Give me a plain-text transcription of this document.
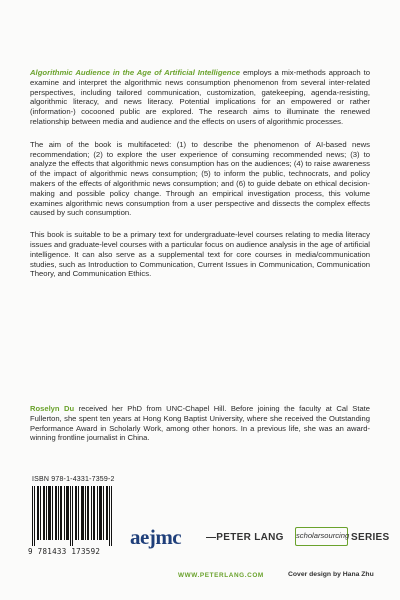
Algorithmic Audience in the Age of Artificial Intelligence employs a mix-methods approach to examine and interpret the algorithmic news consumption phenomenon from several inter-related perspectives, including tailored communication, customization, gatekeeping, agenda-resisting, algorithmic literacy, and news literacy. Potential implications for an empowered or rather (information-) cocooned public are explored. The research aims to illuminate the renewed relationship between media and audience and the effects on users of algorithmic processes.

The aim of the book is multifaceted: (1) to describe the phenomenon of AI-based news recommendation; (2) to explore the user experience of consuming recommended news; (3) to analyze the effects that algorithmic news consumption has on the audiences; (4) to raise awareness of the impact of algorithmic news consumption; (5) to inform the public, technocrats, and policy makers of the effects of algorithmic news consumption; and (6) to guide debate on ethical decision-making and possible policy change. Through an empirical investigation process, this volume examines algorithmic news consumption from a user perspective and dissects the complex effects caused by such consumption.

This book is suitable to be a primary text for undergraduate-level courses relating to media literacy issues and graduate-level courses with a particular focus on audience analysis in the age of artificial intelligence. It can also serve as a supplemental text for core courses in media/communication studies, such as Introduction to Communication, Current Issues in Communication, Communication Theory, and Communication Ethics.

Roselyn Du received her PhD from UNC-Chapel Hill. Before joining the faculty at Cal State Fullerton, she spent ten years at Hong Kong Baptist University, where she received the Outstanding Performance Award in Scholarly Work, among other honors. In a previous life, she was an award-winning frontline journalist in China.
ISBN 978-1-4331-7359-2
9 781433 173592
aejmc —PETER LANG scholarsourcing SERIES
WWW.PETERLANG.COM	Cover design by Hana Zhu
